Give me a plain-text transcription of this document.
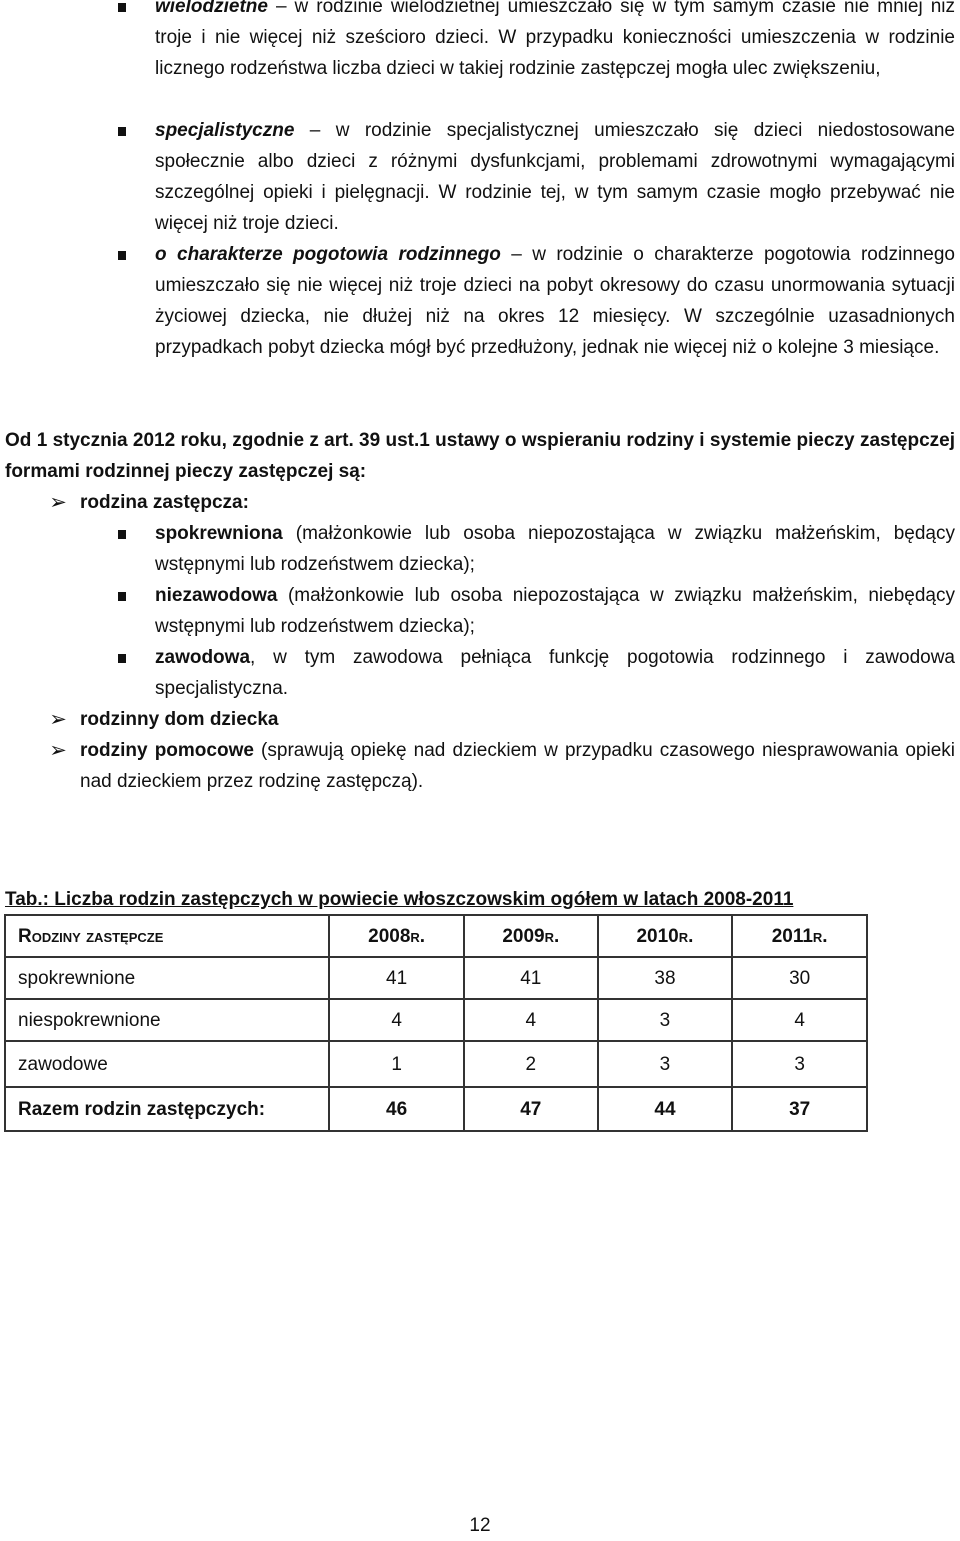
wielodzietne – w rodzinie wielodzietnej umieszczało się w tym samym czasie nie mniej niż troje i nie więcej niż sześcioro dzieci. W przypadku konieczności umieszczenia w rodzinie licznego rodzeństwa liczba dzieci w takiej rodzinie zastępczej mogła ulec zwiększeniu,
specjalistyczne – w rodzinie specjalistycznej umieszczało się dzieci niedostosowane społecznie albo dzieci z różnymi dysfunkcjami, problemami zdrowotnymi wymagającymi szczególnej opieki i pielęgnacji. W rodzinie tej, w tym samym czasie mogło przebywać nie więcej niż troje dzieci.
o charakterze pogotowia rodzinnego – w rodzinie o charakterze pogotowia rodzinnego umieszczało się nie więcej niż troje dzieci na pobyt okresowy do czasu unormowania sytuacji życiowej dziecka, nie dłużej niż na okres 12 miesięcy. W szczególnie uzasadnionych przypadkach pobyt dziecka mógł być przedłużony, jednak nie więcej niż o kolejne 3 miesiące.
Od 1 stycznia 2012 roku, zgodnie z art. 39 ust.1 ustawy o wspieraniu rodziny i systemie pieczy zastępczej formami rodzinnej pieczy zastępczej są:
➢ rodzina zastępcza:
spokrewniona (małżonkowie lub osoba niepozostająca w związku małżeńskim, będący wstępnymi lub rodzeństwem dziecka);
niezawodowa (małżonkowie lub osoba niepozostająca w związku małżeńskim, niebędący wstępnymi lub rodzeństwem dziecka);
zawodowa, w tym zawodowa pełniąca funkcję pogotowia rodzinnego i zawodowa specjalistyczna.
➢ rodzinny dom dziecka
➢ rodziny pomocowe (sprawują opiekę nad dzieckiem w przypadku czasowego niesprawowania opieki nad dzieckiem przez rodzinę zastępczą).
Tab.: Liczba rodzin zastępczych w powiecie włoszczowskim ogółem w latach 2008-2011
Rodziny zastępcze	2008r.	2009r.	2010r.	2011r.
spokrewnione	41	41	38	30
niespokrewnione	4	4	3	4
zawodowe	1	2	3	3
Razem rodzin zastępczych:	46	47	44	37
12
